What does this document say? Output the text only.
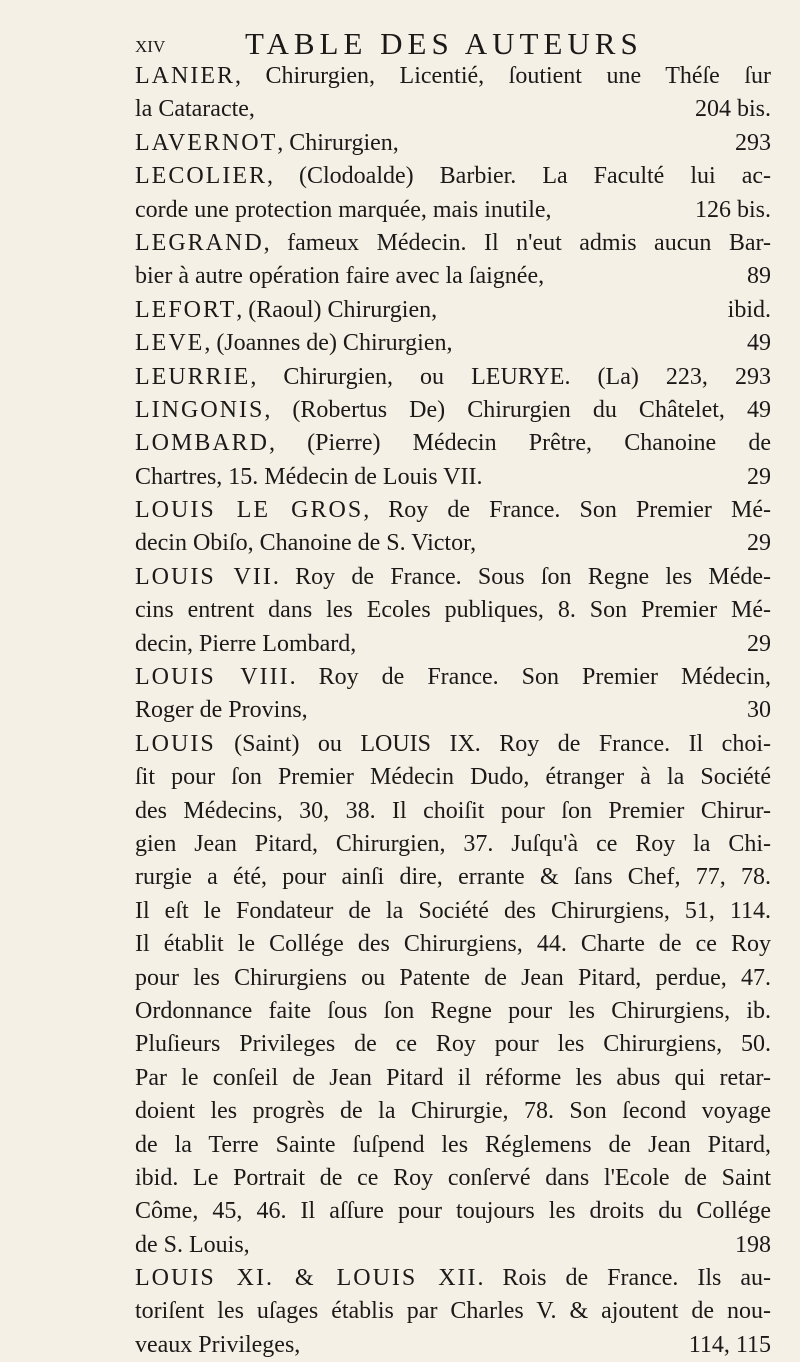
xiv	TABLE DES AUTEURS
LANIER, Chirurgien, Licentié, ſoutient une Théſe ſur
la Cataracte,	204 bis.
LAVERNOT, Chirurgien,	293
LECOLIER, (Clodoalde) Barbier. La Faculté lui ac-
corde une protection marquée, mais inutile,	126 bis.
LEGRAND, fameux Médecin. Il n'eut admis aucun Bar-
bier à autre opération faire avec la ſaignée,	89
LEFORT, (Raoul) Chirurgien,	ibid.
LEVE, (Joannes de) Chirurgien,	49
LEURRIE, Chirurgien, ou LEURYE. (La) 223, 293
LINGONIS, (Robertus De) Chirurgien du Châtelet, 49
LOMBARD, (Pierre) Médecin Prêtre, Chanoine de
Chartres, 15. Médecin de Louis VII.	29
LOUIS LE GROS, Roy de France. Son Premier Mé-
decin Obiſo, Chanoine de S. Victor,	29
LOUIS VII. Roy de France. Sous ſon Regne les Méde-
cins entrent dans les Ecoles publiques, 8. Son Premier Mé-
decin, Pierre Lombard,	29
LOUIS VIII. Roy de France. Son Premier Médecin,
Roger de Provins,	30
LOUIS (Saint) ou LOUIS IX. Roy de France. Il choi-
ſit pour ſon Premier Médecin Dudo, étranger à la Société
des Médecins, 30, 38. Il choiſit pour ſon Premier Chirur-
gien Jean Pitard, Chirurgien, 37. Juſqu'à ce Roy la Chi-
rurgie a été, pour ainſi dire, errante & ſans Chef, 77, 78.
Il eſt le Fondateur de la Société des Chirurgiens, 51, 114.
Il établit le Collége des Chirurgiens, 44. Charte de ce Roy
pour les Chirurgiens ou Patente de Jean Pitard, perdue, 47.
Ordonnance faite ſous ſon Regne pour les Chirurgiens, ib.
Pluſieurs Privileges de ce Roy pour les Chirurgiens, 50.
Par le conſeil de Jean Pitard il réforme les abus qui retar-
doient les progrès de la Chirurgie, 78. Son ſecond voyage
de la Terre Sainte ſuſpend les Réglemens de Jean Pitard,
ibid. Le Portrait de ce Roy conſervé dans l'Ecole de Saint
Côme, 45, 46. Il aſſure pour toujours les droits du Collége
de S. Louis,	198
LOUIS XI. & LOUIS XII. Rois de France. Ils au-
toriſent les uſages établis par Charles V. & ajoutent de nou-
veaux Privileges,	114, 115
